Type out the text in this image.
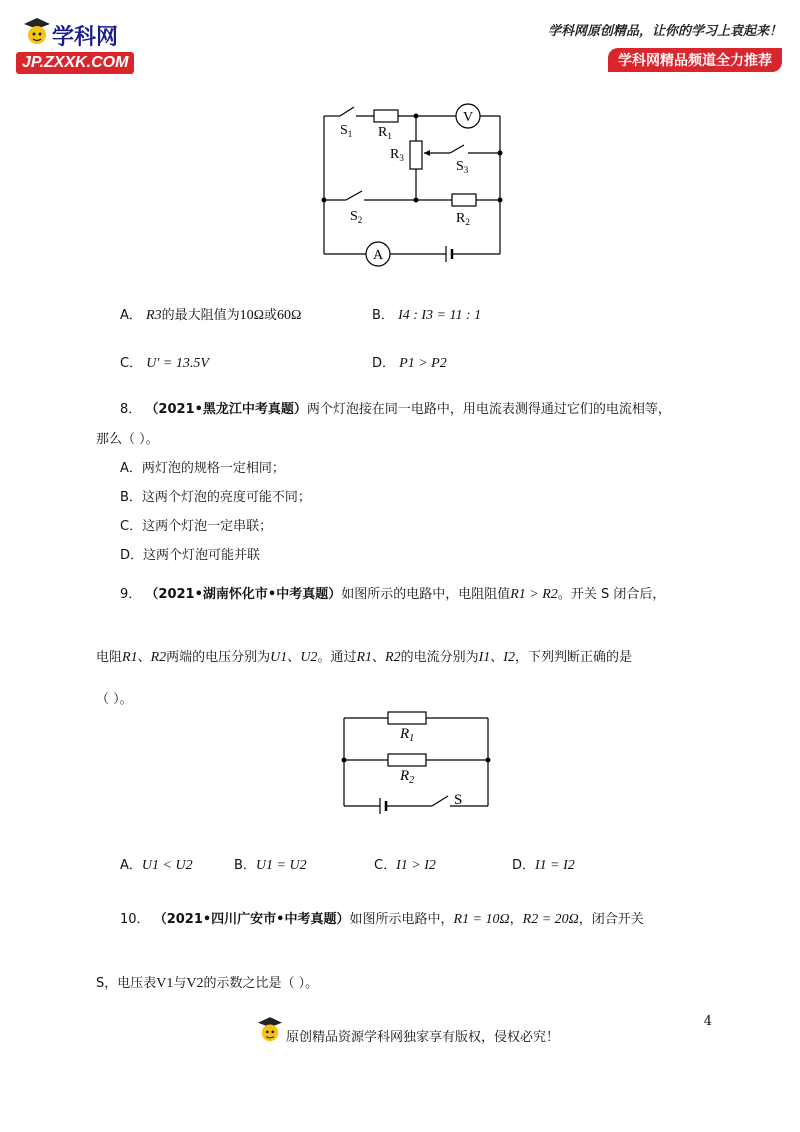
学科网
JP.ZXXK.COM
学科网原创精品，让你的学习上袁起来！
学科网精品频道全力推荐
$S_1$ $R_1$
V
$R_3$
$S_3$
$S_2$	$R_2$
A
A． R3的最大阻值为10Ω或60Ω	B． I4 : I3 = 11 : 1
C． U′ = 13.5V	D． P1 > P2
8． （2021•黑龙江中考真题）两个灯泡接在同一电路中，用电流表测得通过它们的电流相等，
那么（ ）。
A．两灯泡的规格一定相同；
B．这两个灯泡的亮度可能不同；
C．这两个灯泡一定串联；
D．这两个灯泡可能并联
9． （2021•湖南怀化市•中考真题）如图所示的电路中，电阻阻值R1 > R2。开关 S 闭合后，
电阻R1、R2两端的电压分别为U1、U2。通过R1、R2的电流分别为I1、I2，下列判断正确的是
（ ）。
$R_1$
$R_2$
S
A．U1 < U2	B．U1 = U2	C．I1 > I2	D．I1 = I2
10． （2021•四川广安市•中考真题）如图所示电路中，R1 = 10Ω，R2 = 20Ω，闭合开关
S，电压表V1与V2的示数之比是（ ）。
4
原创精品资源学科网独家享有版权，侵权必究！
